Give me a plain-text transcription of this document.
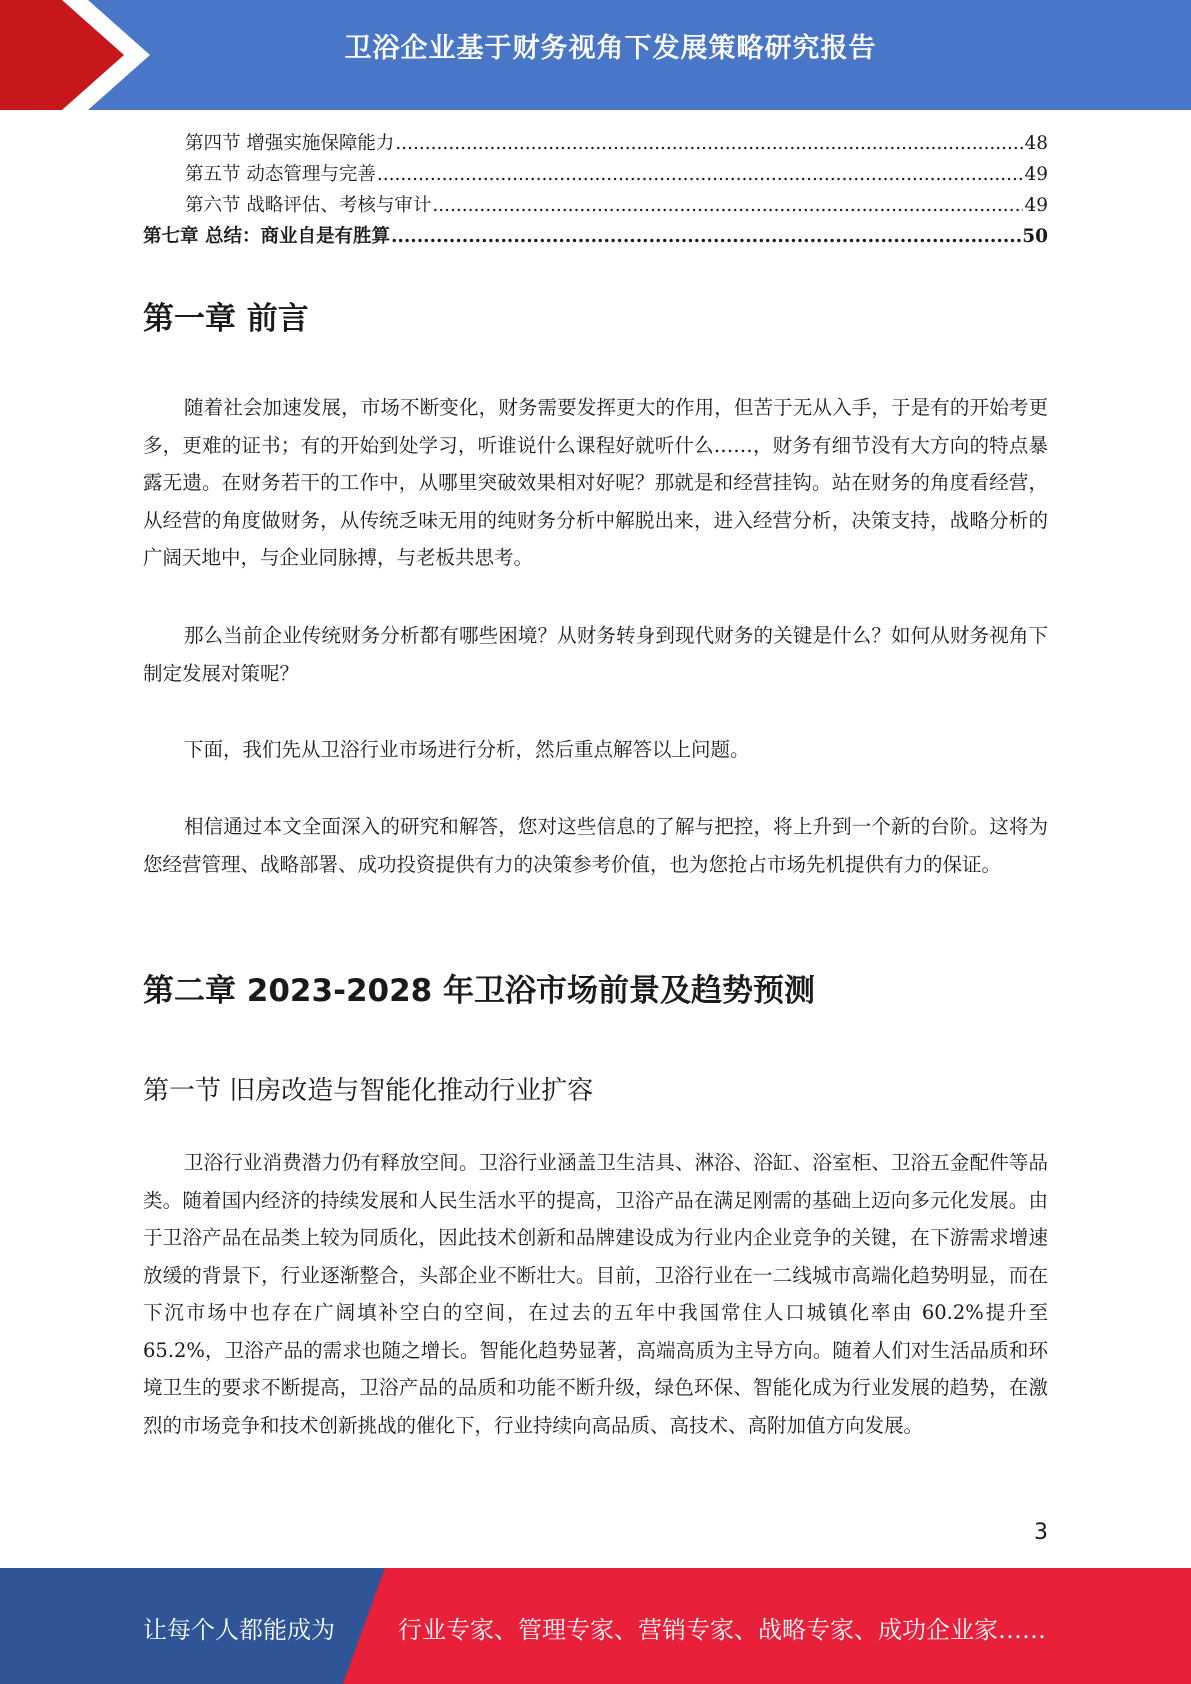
卫浴企业基于财务视角下发展策略研究报告
第四节 增强实施保障能力 .....	48
第五节 动态管理与完善 .....	49
第六节 战略评估、考核与审计 .....	49
第七章 总结：商业自是有胜算 .....	50
第一章 前言

随着社会加速发展，市场不断变化，财务需要发挥更大的作用，但苦于无从入手，于是有的开始考更多，更难的证书；有的开始到处学习，听谁说什么课程好就听什么……，财务有细节没有大方向的特点暴露无遗。在财务若干的工作中，从哪里突破效果相对好呢？那就是和经营挂钩。站在财务的角度看经营，从经营的角度做财务，从传统乏味无用的纯财务分析中解脱出来，进入经营分析，决策支持，战略分析的广阔天地中，与企业同脉搏，与老板共思考。

那么当前企业传统财务分析都有哪些困境？从财务转身到现代财务的关键是什么？如何从财务视角下制定发展对策呢？

下面，我们先从卫浴行业市场进行分析，然后重点解答以上问题。

相信通过本文全面深入的研究和解答，您对这些信息的了解与把控，将上升到一个新的台阶。这将为您经营管理、战略部署、成功投资提供有力的决策参考价值，也为您抢占市场先机提供有力的保证。

第二章 2023-2028 年卫浴市场前景及趋势预测
第一节 旧房改造与智能化推动行业扩容

卫浴行业消费潜力仍有释放空间。卫浴行业涵盖卫生洁具、淋浴、浴缸、浴室柜、卫浴五金配件等品类。随着国内经济的持续发展和人民生活水平的提高，卫浴产品在满足刚需的基础上迈向多元化发展。由于卫浴产品在品类上较为同质化，因此技术创新和品牌建设成为行业内企业竞争的关键，在下游需求增速放缓的背景下，行业逐渐整合，头部企业不断壮大。目前，卫浴行业在一二线城市高端化趋势明显，而在下沉市场中也存在广阔填补空白的空间，在过去的五年中我国常住人口城镇化率由 60.2%提升至 65.2%，卫浴产品的需求也随之增长。智能化趋势显著，高端高质为主导方向。随着人们对生活品质和环境卫生的要求不断提高，卫浴产品的品质和功能不断升级，绿色环保、智能化成为行业发展的趋势，在激烈的市场竞争和技术创新挑战的催化下，行业持续向高品质、高技术、高附加值方向发展。

3
让每个人都能成为	行业专家、管理专家、营销专家、战略专家、成功企业家……
